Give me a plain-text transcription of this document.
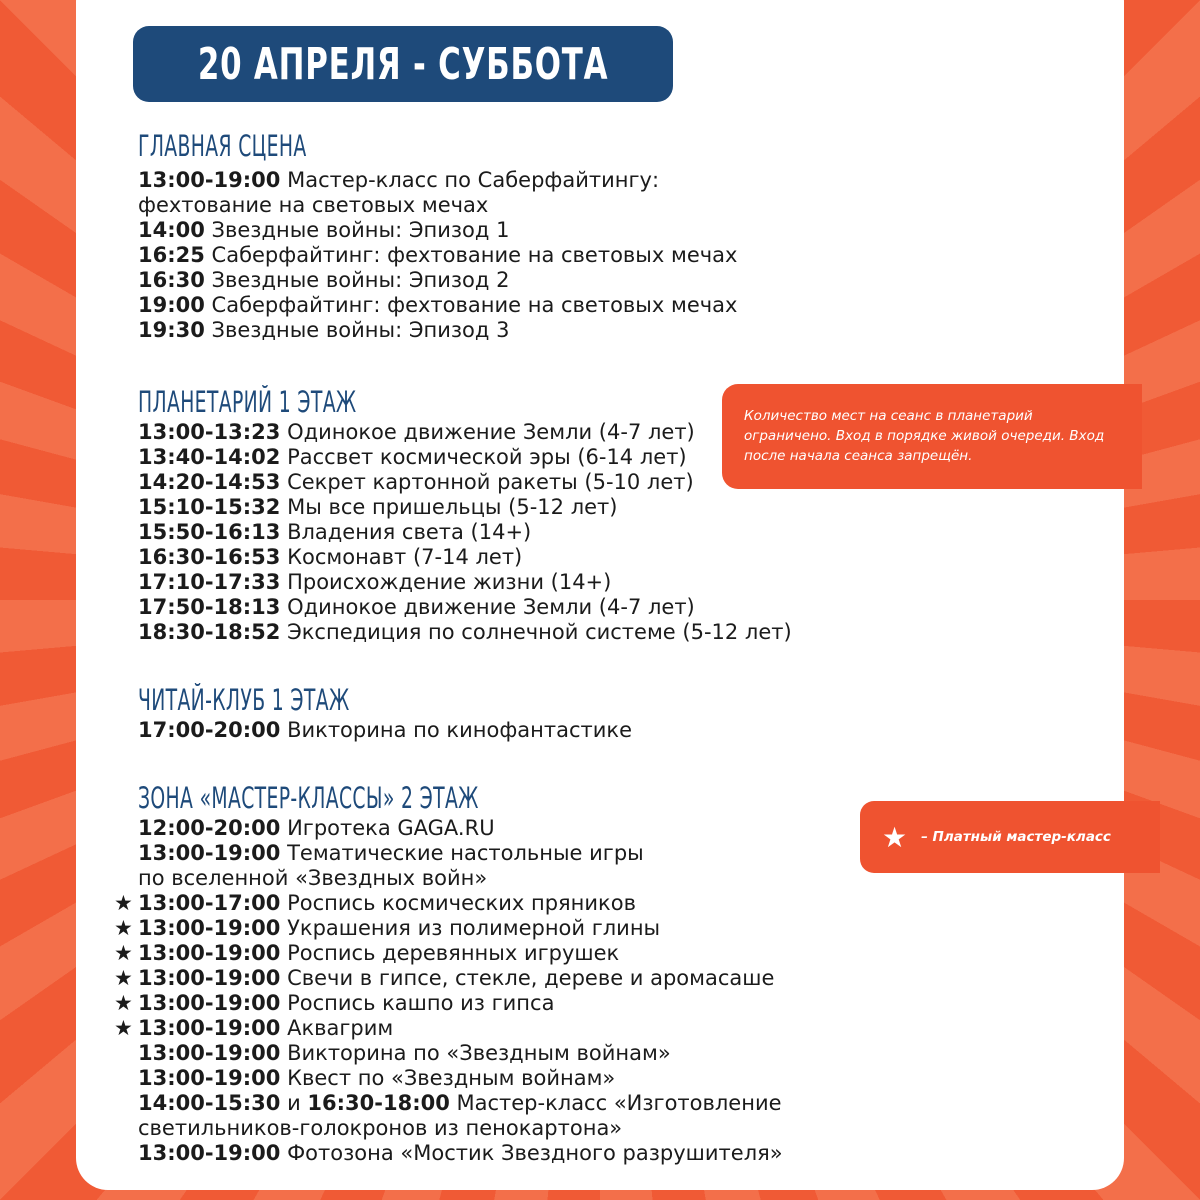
20 АПРЕЛЯ - СУББОТА
ГЛАВНАЯ СЦЕНА
13:00-19:00 Мастер-класс по Саберфайтингу:
фехтование на световых мечах
14:00 Звездные войны: Эпизод 1
16:25 Саберфайтинг: фехтование на световых мечах
16:30 Звездные войны: Эпизод 2
19:00 Саберфайтинг: фехтование на световых мечах
19:30 Звездные войны: Эпизод 3
ПЛАНЕТАРИЙ 1 ЭТАЖ
13:00-13:23 Одинокое движение Земли (4-7 лет)
13:40-14:02 Рассвет космической эры (6-14 лет)
14:20-14:53 Секрет картонной ракеты (5-10 лет)
15:10-15:32 Мы все пришельцы (5-12 лет)
15:50-16:13 Владения света (14+)
16:30-16:53 Космонавт (7-14 лет)
17:10-17:33 Происхождение жизни (14+)
17:50-18:13 Одинокое движение Земли (4-7 лет)
18:30-18:52 Экспедиция по солнечной системе (5-12 лет)
ЧИТАЙ-КЛУБ 1 ЭТАЖ
17:00-20:00 Викторина по кинофантастике
ЗОНА «МАСТЕР-КЛАССЫ» 2 ЭТАЖ
12:00-20:00 Игротека GAGA.RU
13:00-19:00 Тематические настольные игры
по вселенной «Звездных войн»
★ 13:00-17:00 Роспись космических пряников
★ 13:00-19:00 Украшения из полимерной глины
★ 13:00-19:00 Роспись деревянных игрушек
★ 13:00-19:00 Свечи в гипсе, стекле, дереве и аромасаше
★ 13:00-19:00 Роспись кашпо из гипса
★ 13:00-19:00 Аквагрим
13:00-19:00 Викторина по «Звездным войнам»
13:00-19:00 Квест по «Звездным войнам»
14:00-15:30 и 16:30-18:00 Мастер-класс «Изготовление
светильников-голокронов из пенокартона»
13:00-19:00 Фотозона «Мостик Звездного разрушителя»
Количество мест на сеанс в планетарий ограничено. Вход в порядке живой очереди. Вход после начала сеанса запрещён.
★ – Платный мастер-класс
